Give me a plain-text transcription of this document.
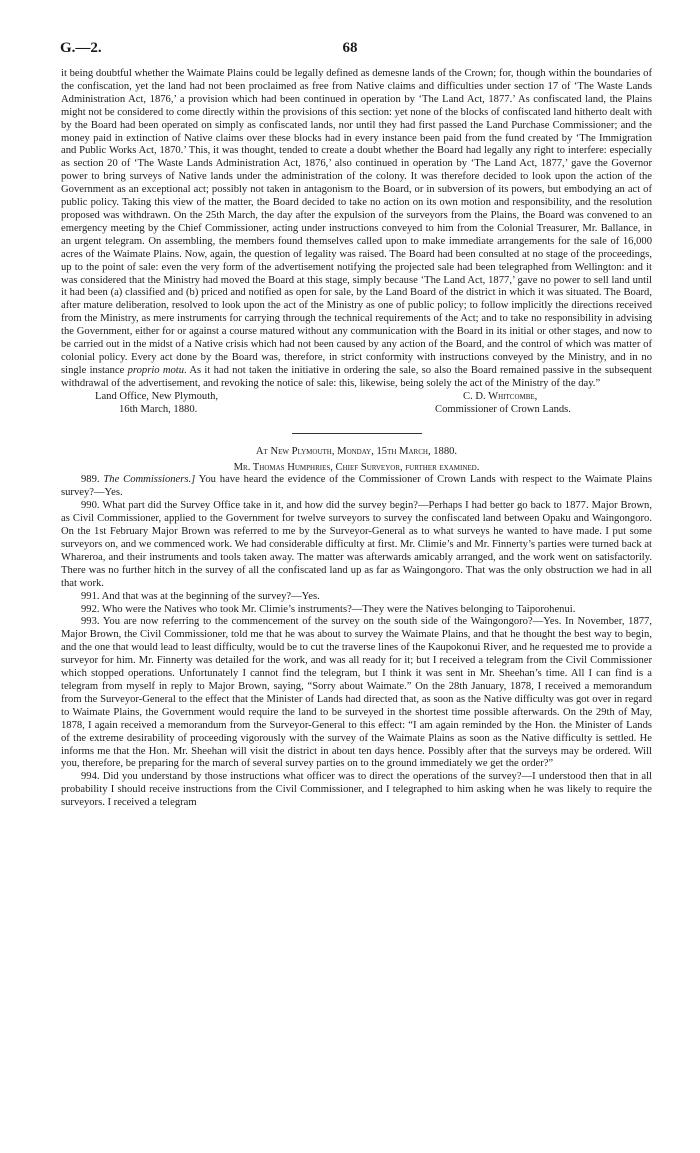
G.—2.	68

it being doubtful whether the Waimate Plains could be legally defined as demesne lands of the Crown; for, though within the boundaries of the confiscation, yet the land had not been proclaimed as free from Native claims and difficulties under section 17 of ‘The Waste Lands Administration Act, 1876,’ a provision which had been continued in operation by ‘The Land Act, 1877.’ As confiscated land, the Plains might not be considered to come directly within the provisions of this section: yet none of the blocks of confiscated land hitherto dealt with by the Board had been operated on simply as confiscated lands, nor until they had first passed the Land Purchase Commissioner; and the money paid in extinction of Native claims over these blocks had in every instance been paid from the fund created by ‘The Immigration and Public Works Act, 1870.’ This, it was thought, tended to create a doubt whether the Board had legally any right to interfere: especially as section 20 of ‘The Waste Lands Administration Act, 1876,’ also continued in operation by ‘The Land Act, 1877,’ gave the Governor power to bring surveys of Native lands under the administration of the colony. It was therefore decided to look upon the action of the Government as an exceptional act; possibly not taken in antagonism to the Board, or in subversion of its powers, but embodying an act of public policy. Taking this view of the matter, the Board decided to take no action on its own motion and responsibility, and the resolution proposed was withdrawn. On the 25th March, the day after the expulsion of the surveyors from the Plains, the Board was convened to an emergency meeting by the Chief Commissioner, acting under instructions conveyed to him from the Colonial Treasurer, Mr. Ballance, in an urgent telegram. On assembling, the members found themselves called upon to make immediate arrangements for the sale of 16,000 acres of the Waimate Plains. Now, again, the question of legality was raised. The Board had been consulted at no stage of the proceedings, up to the point of sale: even the very form of the advertisement notifying the projected sale had been telegraphed from Wellington: and it was considered that the Ministry had moved the Board at this stage, simply because ‘The Land Act, 1877,’ gave no power to sell land until it had been (a) classified and (b) priced and notified as open for sale, by the Land Board of the district in which it was situated. The Board, after mature deliberation, resolved to look upon the act of the Ministry as one of public policy; to follow implicitly the directions received from the Ministry, as mere instruments for carrying through the technical requirements of the Act; and to take no responsibility in advising the Government, either for or against a course matured without any communication with the Board in its initial or other stages, and now to be carried out in the midst of a Native crisis which had not been caused by any action of the Board, and the control of which was matter of colonial policy. Every act done by the Board was, therefore, in strict conformity with instructions conveyed by the Ministry, and in no single instance proprio motu. As it had not taken the initiative in ordering the sale, so also the Board remained passive in the subsequent withdrawal of the advertisement, and revoking the notice of sale: this, likewise, being solely the act of the Ministry of the day.”

Land Office, New Plymouth,
16th March, 1880.
C. D. Whitcombe,
Commissioner of Crown Lands.

At New Plymouth, Monday, 15th March, 1880.

Mr. Thomas Humphries, Chief Surveyor, further examined.

989. The Commissioners.] You have heard the evidence of the Commissioner of Crown Lands with respect to the Waimate Plains survey?—Yes.

990. What part did the Survey Office take in it, and how did the survey begin?—Perhaps I had better go back to 1877. Major Brown, as Civil Commissioner, applied to the Government for twelve surveyors to survey the confiscated land between Opaku and Waingongoro. On the 1st February Major Brown was referred to me by the Surveyor-General as to what surveys he wanted to have made. I put some surveyors on, and we commenced work. We had considerable difficulty at first. Mr. Climie’s and Mr. Finnerty’s parties were turned back at Whareroa, and their instruments and tools taken away. The matter was afterwards amicably arranged, and the work went on satisfactorily. There was no further hitch in the survey of all the confiscated land up as far as Waingongoro. That was the only obstruction we had in all that work.

991. And that was at the beginning of the survey?—Yes.

992. Who were the Natives who took Mr. Climie’s instruments?—They were the Natives belonging to Taiporohenui.

993. You are now referring to the commencement of the survey on the south side of the Waingongoro?—Yes. In November, 1877, Major Brown, the Civil Commissioner, told me that he was about to survey the Waimate Plains, and that he thought the best way to begin, and the one that would lead to least difficulty, would be to cut the traverse lines of the Kaupokonui River, and he requested me to provide a surveyor for him. Mr. Finnerty was detailed for the work, and was all ready for it; but I received a telegram from the Civil Commissioner which stopped operations. Unfortunately I cannot find the telegram, but I think it was sent in Mr. Sheehan’s time. All I can find is a telegram from myself in reply to Major Brown, saying, “Sorry about Waimate.” On the 28th January, 1878, I received a memorandum from the Surveyor-General to the effect that the Minister of Lands had directed that, as soon as the Native difficulty was got over in regard to Waimate Plains, the Government would require the land to be surveyed in the shortest time possible afterwards. On the 29th of May, 1878, I again received a memorandum from the Surveyor-General to this effect: “I am again reminded by the Hon. the Minister of Lands of the extreme desirability of proceeding vigorously with the survey of the Waimate Plains as soon as the Native difficulty is settled. He informs me that the Hon. Mr. Sheehan will visit the district in about ten days hence. Possibly after that the surveys may be ordered. Will you, therefore, be preparing for the march of several survey parties on to the ground immediately we get the order?”

994. Did you understand by those instructions what officer was to direct the operations of the survey?—I understood then that in all probability I should receive instructions from the Civil Commissioner, and I telegraphed to him asking when he was likely to require the surveyors. I received a telegram
